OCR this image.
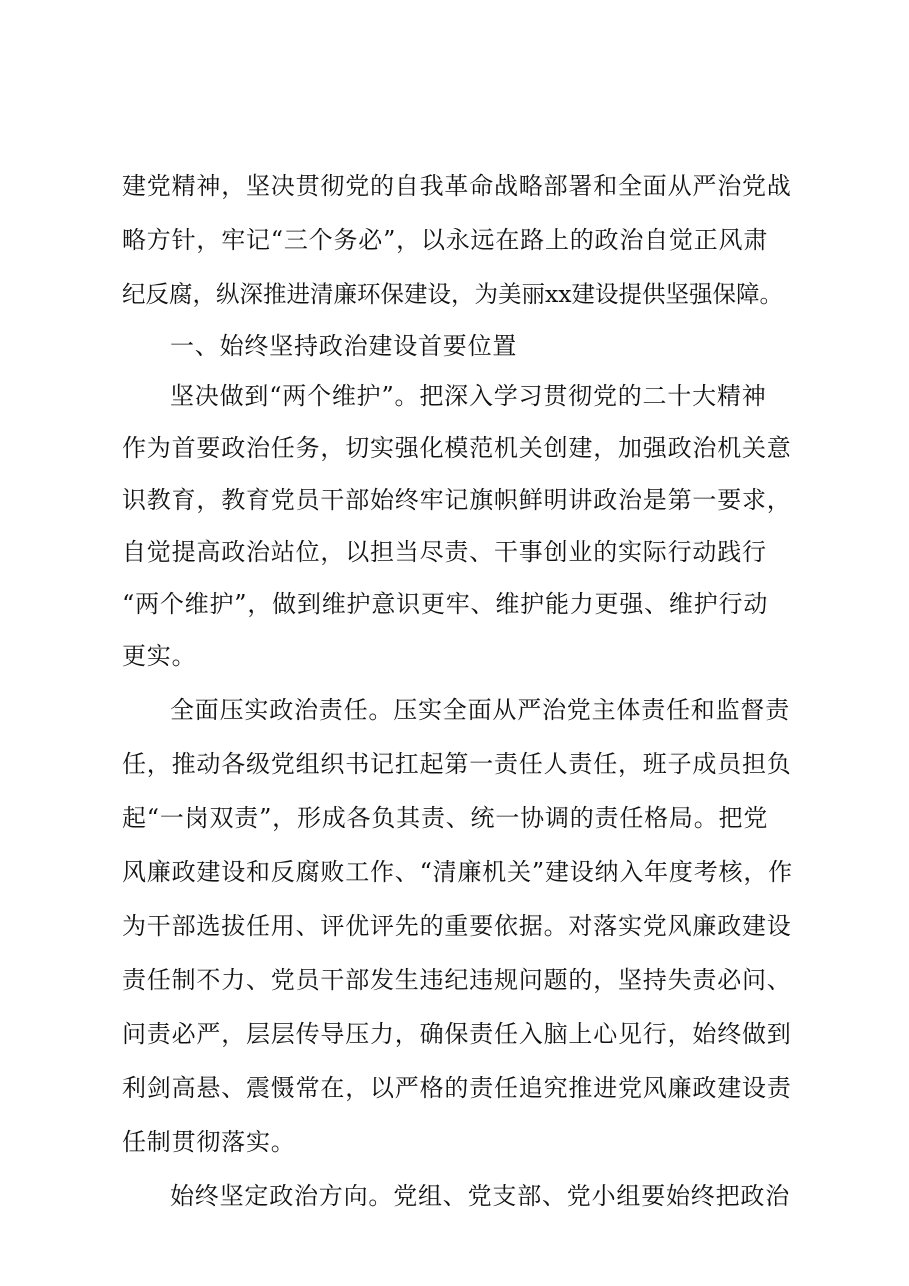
建党精神，坚决贯彻党的自我革命战略部署和全面从严治党战
略方针，牢记“三个务必”，以永远在路上的政治自觉正风肃
纪反腐，纵深推进清廉环保建设，为美丽xx建设提供坚强保障。
一、始终坚持政治建设首要位置
坚决做到“两个维护”。把深入学习贯彻党的二十大精神
作为首要政治任务，切实强化模范机关创建，加强政治机关意
识教育，教育党员干部始终牢记旗帜鲜明讲政治是第一要求，
自觉提高政治站位，以担当尽责、干事创业的实际行动践行
“两个维护”，做到维护意识更牢、维护能力更强、维护行动
更实。
全面压实政治责任。压实全面从严治党主体责任和监督责
任，推动各级党组织书记扛起第一责任人责任，班子成员担负
起“一岗双责”，形成各负其责、统一协调的责任格局。把党
风廉政建设和反腐败工作、“清廉机关”建设纳入年度考核，作
为干部选拔任用、评优评先的重要依据。对落实党风廉政建设
责任制不力、党员干部发生违纪违规问题的，坚持失责必问、
问责必严，层层传导压力，确保责任入脑上心见行，始终做到
利剑高悬、震慑常在，以严格的责任追究推进党风廉政建设责
任制贯彻落实。
始终坚定政治方向。党组、党支部、党小组要始终把政治
